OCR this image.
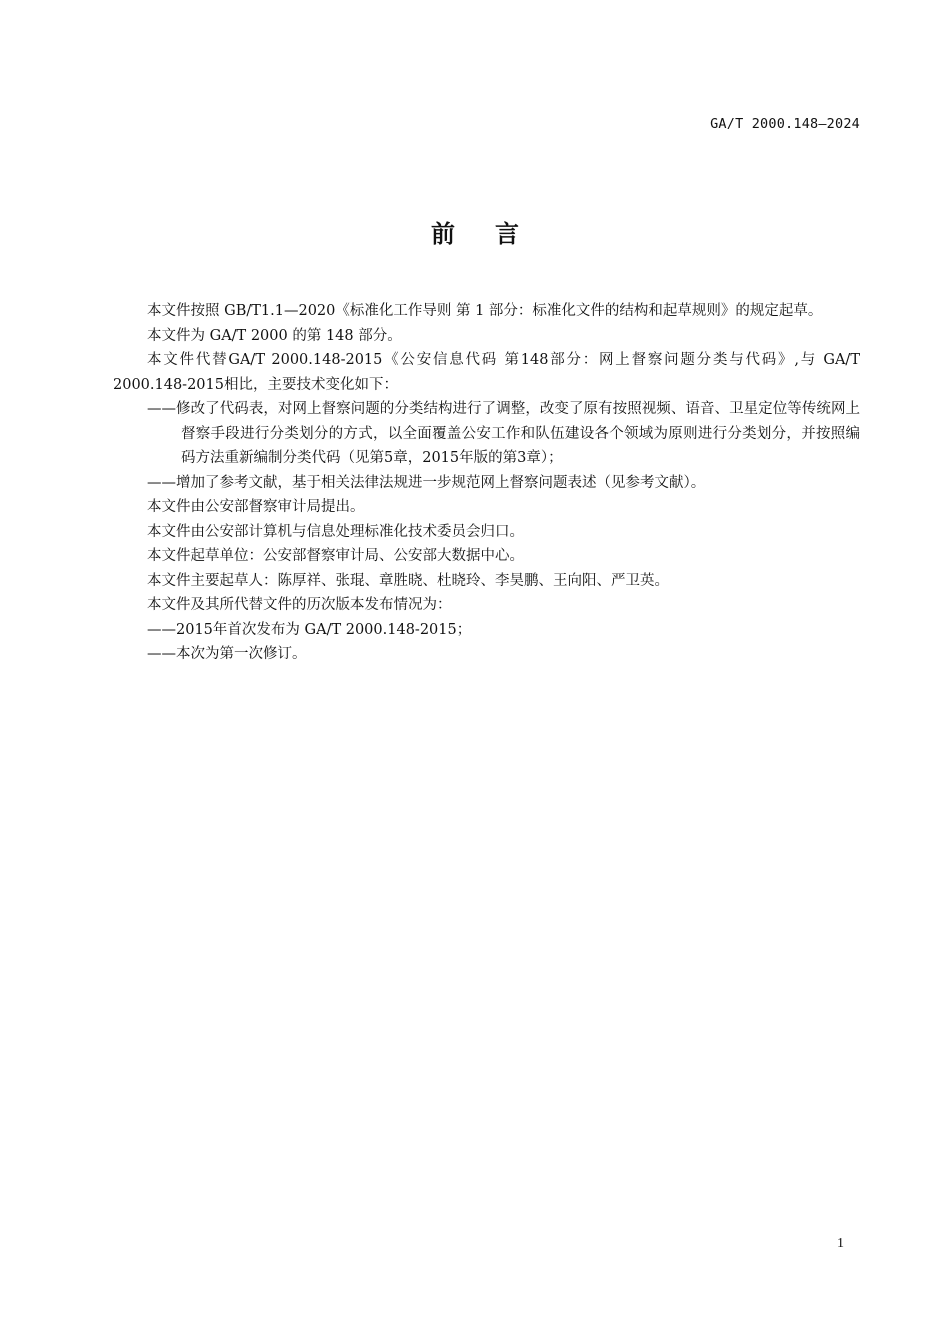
GA/T 2000.148—2024
前言

本文件按照 GB/T1.1—2020《标准化工作导则 第 1 部分：标准化文件的结构和起草规则》的规定起草。

本文件为 GA/T 2000 的第 148 部分。

本文件代替GA/T 2000.148-2015《公安信息代码 第148部分：网上督察问题分类与代码》,与 GA/T 2000.148-2015相比，主要技术变化如下：

——修改了代码表，对网上督察问题的分类结构进行了调整，改变了原有按照视频、语音、卫星定位等传统网上督察手段进行分类划分的方式，以全面覆盖公安工作和队伍建设各个领域为原则进行分类划分，并按照编码方法重新编制分类代码（见第5章，2015年版的第3章）；

——增加了参考文献，基于相关法律法规进一步规范网上督察问题表述（见参考文献）。

本文件由公安部督察审计局提出。

本文件由公安部计算机与信息处理标准化技术委员会归口。

本文件起草单位：公安部督察审计局、公安部大数据中心。

本文件主要起草人：陈厚祥、张琨、章胜晓、杜晓玲、李昊鹏、王向阳、严卫英。

本文件及其所代替文件的历次版本发布情况为：

——2015年首次发布为 GA/T 2000.148-2015；

——本次为第一次修订。

1
